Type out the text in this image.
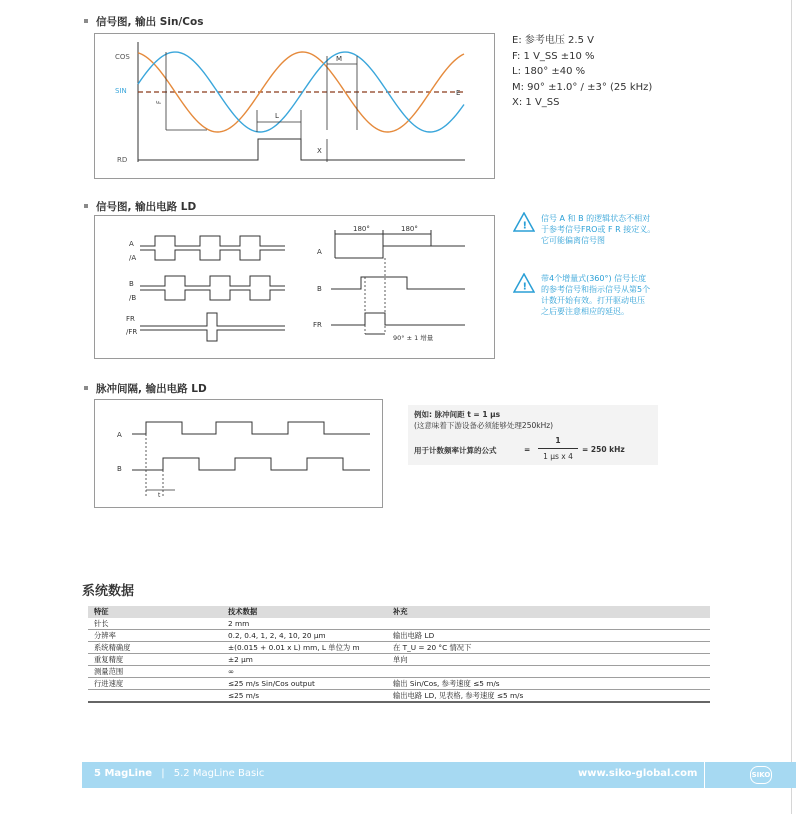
信号图, 输出 Sin/Cos
COS
SIN
RD
F
L
M
X
E
E: 参考电压 2.5 V
F: 1 V_SS ±10 %
L: 180° ±40 %
M: 90° ±1.0° / ±3° (25 kHz)
X: 1 V_SS
信号图, 输出电路 LD
A
/A
B
/B
FR
/FR
A
B
FR
180°	180°
90° ± 1 增量
!
信号 A 和 B 的逻辑状态不相对
于参考信号FRO或 F R 接定义。
它可能偏离信号图
!
带4个增量式(360°) 信号长度
的参考信号和指示信号从第5个
计数开始有效。打开驱动电压
之后要注意相应的延迟。
脉冲间隔, 输出电路 LD
A
B
t
例如: 脉冲间距 t = 1 µs
(这意味着下游设备必须能够处理250kHz)
用于计数频率计算的公式	=
1
1 µs x 4
= 250 kHz
系统数据
特征	技术数据	补充
针长	2 mm	
分辨率	0.2, 0.4, 1, 2, 4, 10, 20 µm	输出电路 LD
系统精确度	±(0.015 + 0.01 x L) mm, L 单位为 m	在 T_U = 20 °C 情况下
重复精度	±2 µm	单向
测量范围	∞	
行进速度	≤25 m/s Sin/Cos output	输出 Sin/Cos, 参考速度 ≤5 m/s
	≤25 m/s	输出电路 LD, 见表格, 参考速度 ≤5 m/s
5 MagLine | 5.2 MagLine Basic	www.siko-global.com	SIKO
